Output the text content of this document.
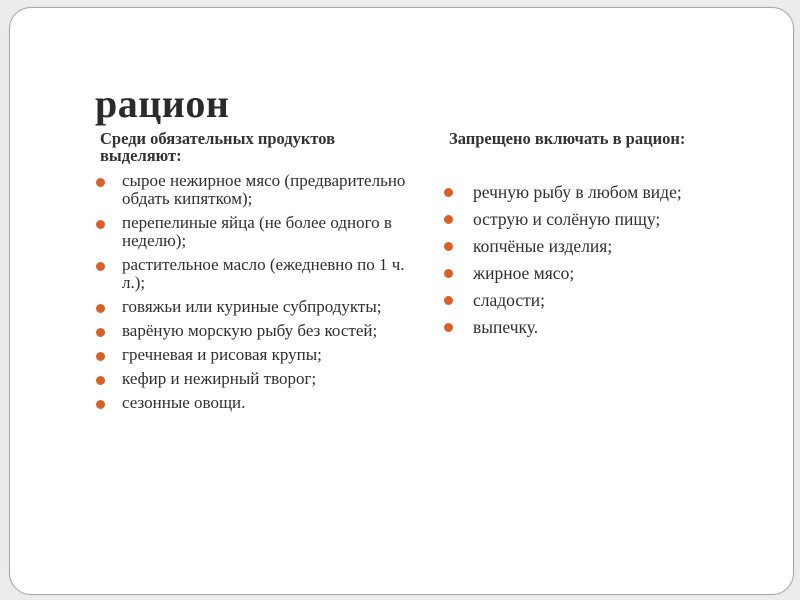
рацион
Среди обязательных продуктов выделяют:
сырое нежирное мясо (предварительно обдать кипятком);
перепелиные яйца (не более одного в неделю);
растительное масло (ежедневно по 1 ч. л.);
говяжьи или куриные субпродукты;
варёную морскую рыбу без костей;
гречневая и рисовая крупы;
кефир и нежирный творог;
сезонные овощи.
Запрещено включать в рацион:
речную рыбу в любом виде;
острую и солёную пищу;
копчёные изделия;
жирное мясо;
сладости;
выпечку.
